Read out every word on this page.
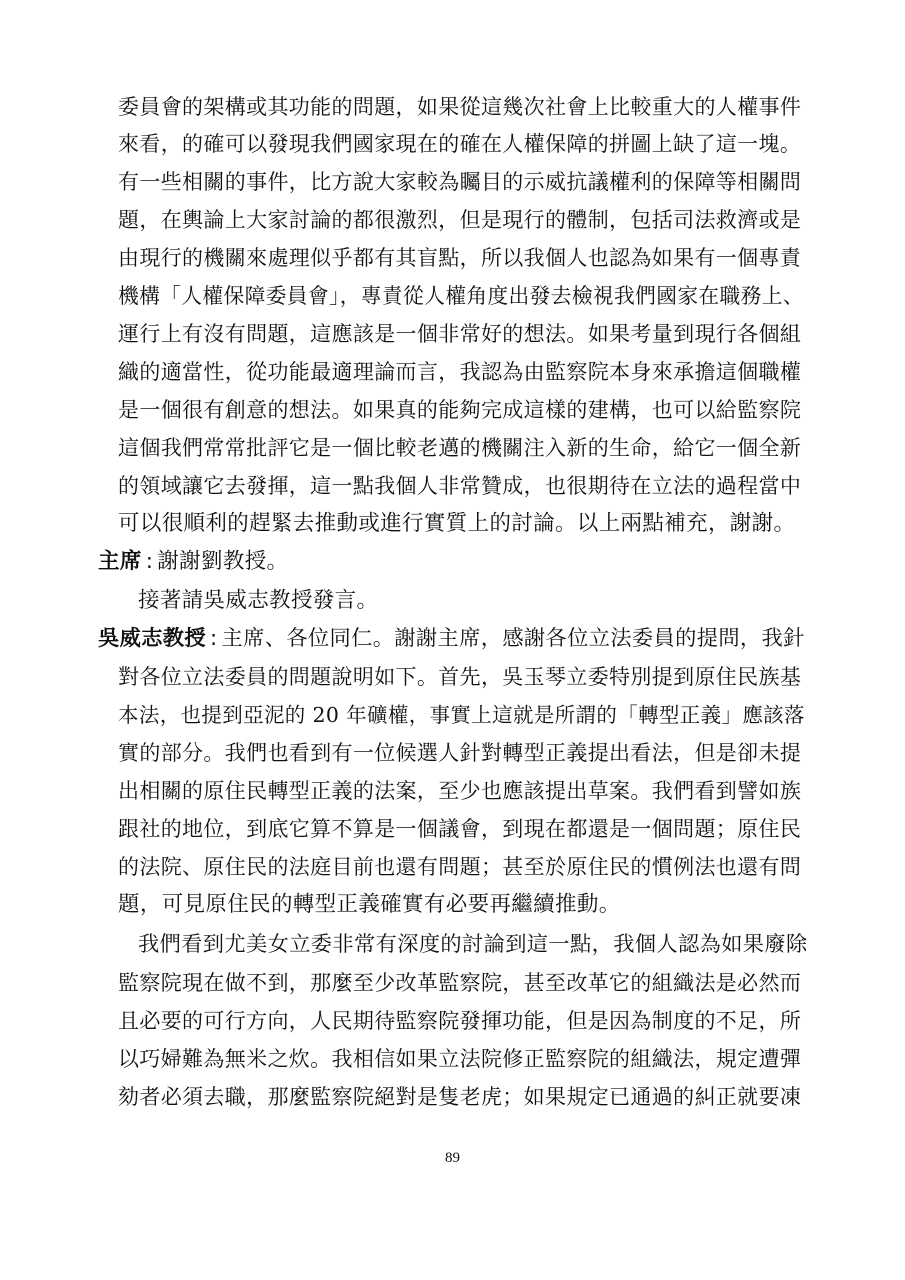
委員會的架構或其功能的問題，如果從這幾次社會上比較重大的人權事件
來看，的確可以發現我們國家現在的確在人權保障的拼圖上缺了這一塊。
有一些相關的事件，比方說大家較為矚目的示威抗議權利的保障等相關問
題，在輿論上大家討論的都很激烈，但是現行的體制，包括司法救濟或是
由現行的機關來處理似乎都有其盲點，所以我個人也認為如果有一個專責
機構「人權保障委員會」，專責從人權角度出發去檢視我們國家在職務上、
運行上有沒有問題，這應該是一個非常好的想法。如果考量到現行各個組
織的適當性，從功能最適理論而言，我認為由監察院本身來承擔這個職權
是一個很有創意的想法。如果真的能夠完成這樣的建構，也可以給監察院
這個我們常常批評它是一個比較老邁的機關注入新的生命，給它一個全新
的領域讓它去發揮，這一點我個人非常贊成，也很期待在立法的過程當中
可以很順利的趕緊去推動或進行實質上的討論。以上兩點補充，謝謝。
主席 : 謝謝劉教授。
接著請吳威志教授發言。
吳威志教授 : 主席、各位同仁。謝謝主席，感謝各位立法委員的提問，我針
對各位立法委員的問題說明如下。首先，吳玉琴立委特別提到原住民族基
本法，也提到亞泥的 20 年礦權，事實上這就是所謂的「轉型正義」應該落
實的部分。我們也看到有一位候選人針對轉型正義提出看法，但是卻未提
出相關的原住民轉型正義的法案，至少也應該提出草案。我們看到譬如族
跟社的地位，到底它算不算是一個議會，到現在都還是一個問題；原住民
的法院、原住民的法庭目前也還有問題；甚至於原住民的慣例法也還有問
題，可見原住民的轉型正義確實有必要再繼續推動。
我們看到尤美女立委非常有深度的討論到這一點，我個人認為如果廢除
監察院現在做不到，那麼至少改革監察院，甚至改革它的組織法是必然而
且必要的可行方向，人民期待監察院發揮功能，但是因為制度的不足，所
以巧婦難為無米之炊。我相信如果立法院修正監察院的組織法，規定遭彈
劾者必須去職，那麼監察院絕對是隻老虎；如果規定已通過的糾正就要凍
89
